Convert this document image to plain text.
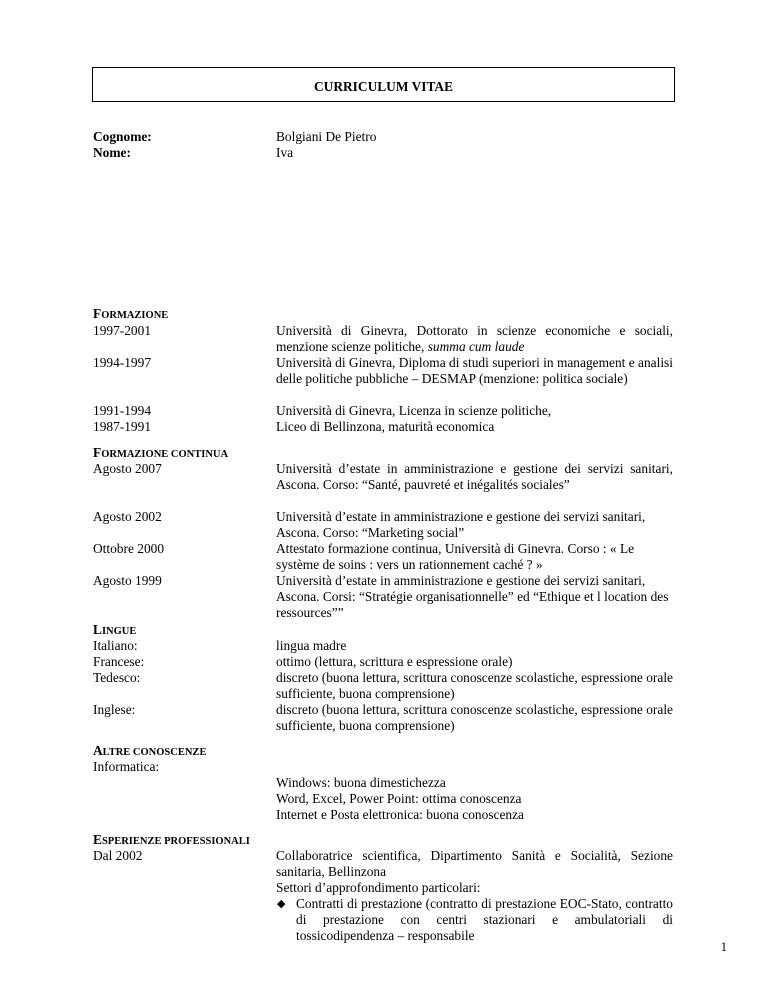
CURRICULUM VITAE
Cognome:	Bolgiani De Pietro
Nome:	Iva
FORMAZIONE
1997-2001	Università di Ginevra, Dottorato in scienze economiche e sociali, menzione scienze politiche, summa cum laude
1994-1997	Università di Ginevra, Diploma di studi superiori in management e analisi delle politiche pubbliche – DESMAP (menzione: politica sociale)
1991-1994	Università di Ginevra, Licenza in scienze politiche,
1987-1991	Liceo di Bellinzona, maturità economica
FORMAZIONE CONTINUA
Agosto 2007	Università d’estate in amministrazione e gestione dei servizi sanitari, Ascona. Corso: “Santé, pauvreté et inégalités sociales”
Agosto 2002	Università d’estate in amministrazione e gestione dei servizi sanitari, Ascona. Corso: “Marketing social”
Ottobre 2000	Attestato formazione continua, Università di Ginevra. Corso : « Le système de soins : vers un rationnement caché ? »
Agosto 1999	Università d’estate in amministrazione e gestione dei servizi sanitari, Ascona. Corsi: “Stratégie organisationnelle” ed “Ethique et l location des ressources””
LINGUE
Italiano:	lingua madre
Francese:	ottimo (lettura, scrittura e espressione orale)
Tedesco:	discreto (buona lettura, scrittura conoscenze scolastiche, espressione orale sufficiente, buona comprensione)
Inglese:	discreto (buona lettura, scrittura conoscenze scolastiche, espressione orale sufficiente, buona comprensione)
ALTRE CONOSCENZE
Informatica:
Windows: buona dimestichezza
Word, Excel, Power Point: ottima conoscenza
Internet e Posta elettronica: buona conoscenza
ESPERIENZE PROFESSIONALI
Dal 2002	Collaboratrice scientifica, Dipartimento Sanità e Socialità, Sezione sanitaria, Bellinzona
Settori d’approfondimento particolari:
◆ Contratti di prestazione (contratto di prestazione EOC-Stato, contratto di prestazione con centri stazionari e ambulatoriali di tossicodipendenza – responsabile
1
